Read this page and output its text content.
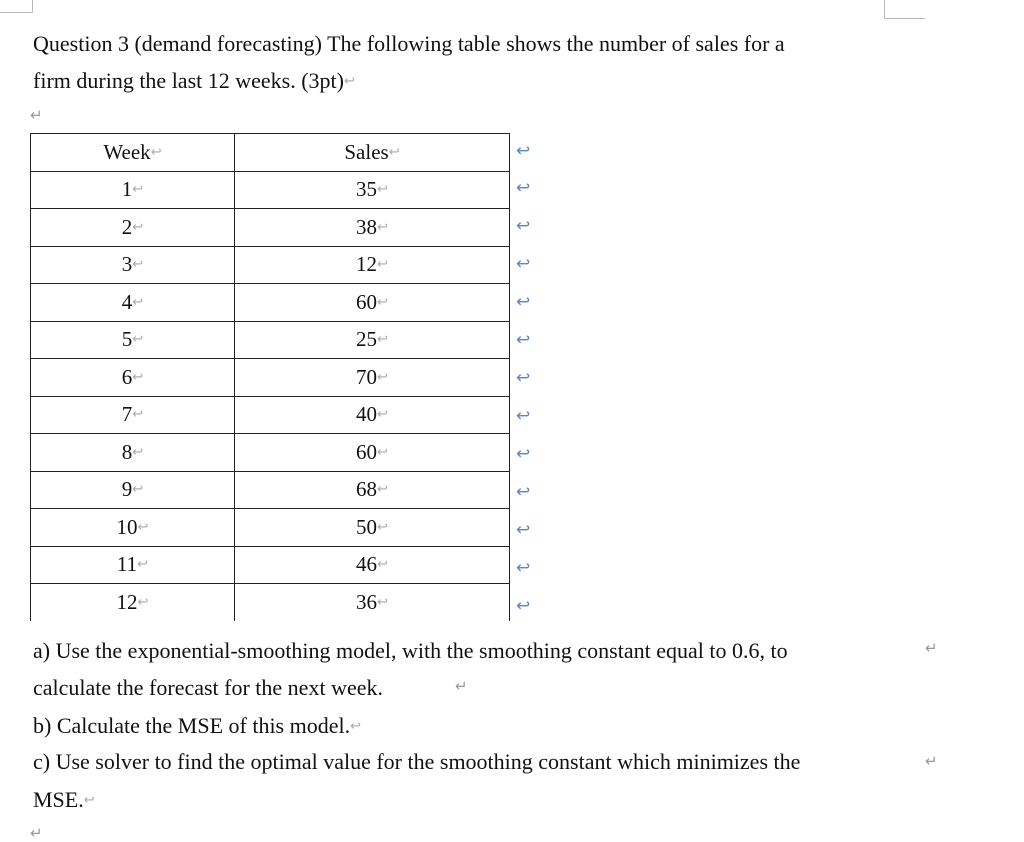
Question 3 (demand forecasting) The following table shows the number of sales for a
firm during the last 12 weeks. (3pt)↩
↵
Week↩	Sales↩
1↩	35↩
2↩	38↩
3↩	12↩
4↩	60↩
5↩	25↩
6↩	70↩
7↩	40↩
8↩	60↩
9↩	68↩
10↩	50↩
11↩	46↩
12↩	36↩
↩
↩
↩
↩
↩
↩
↩
↩
↩
↩
↩
↩
↩
a) Use the exponential-smoothing model, with the smoothing constant equal to 0.6, to	↵
calculate the forecast for the next week.	↵
b) Calculate the MSE of this model.↩
c) Use solver to find the optimal value for the smoothing constant which minimizes the	↵
MSE.↩
↵
